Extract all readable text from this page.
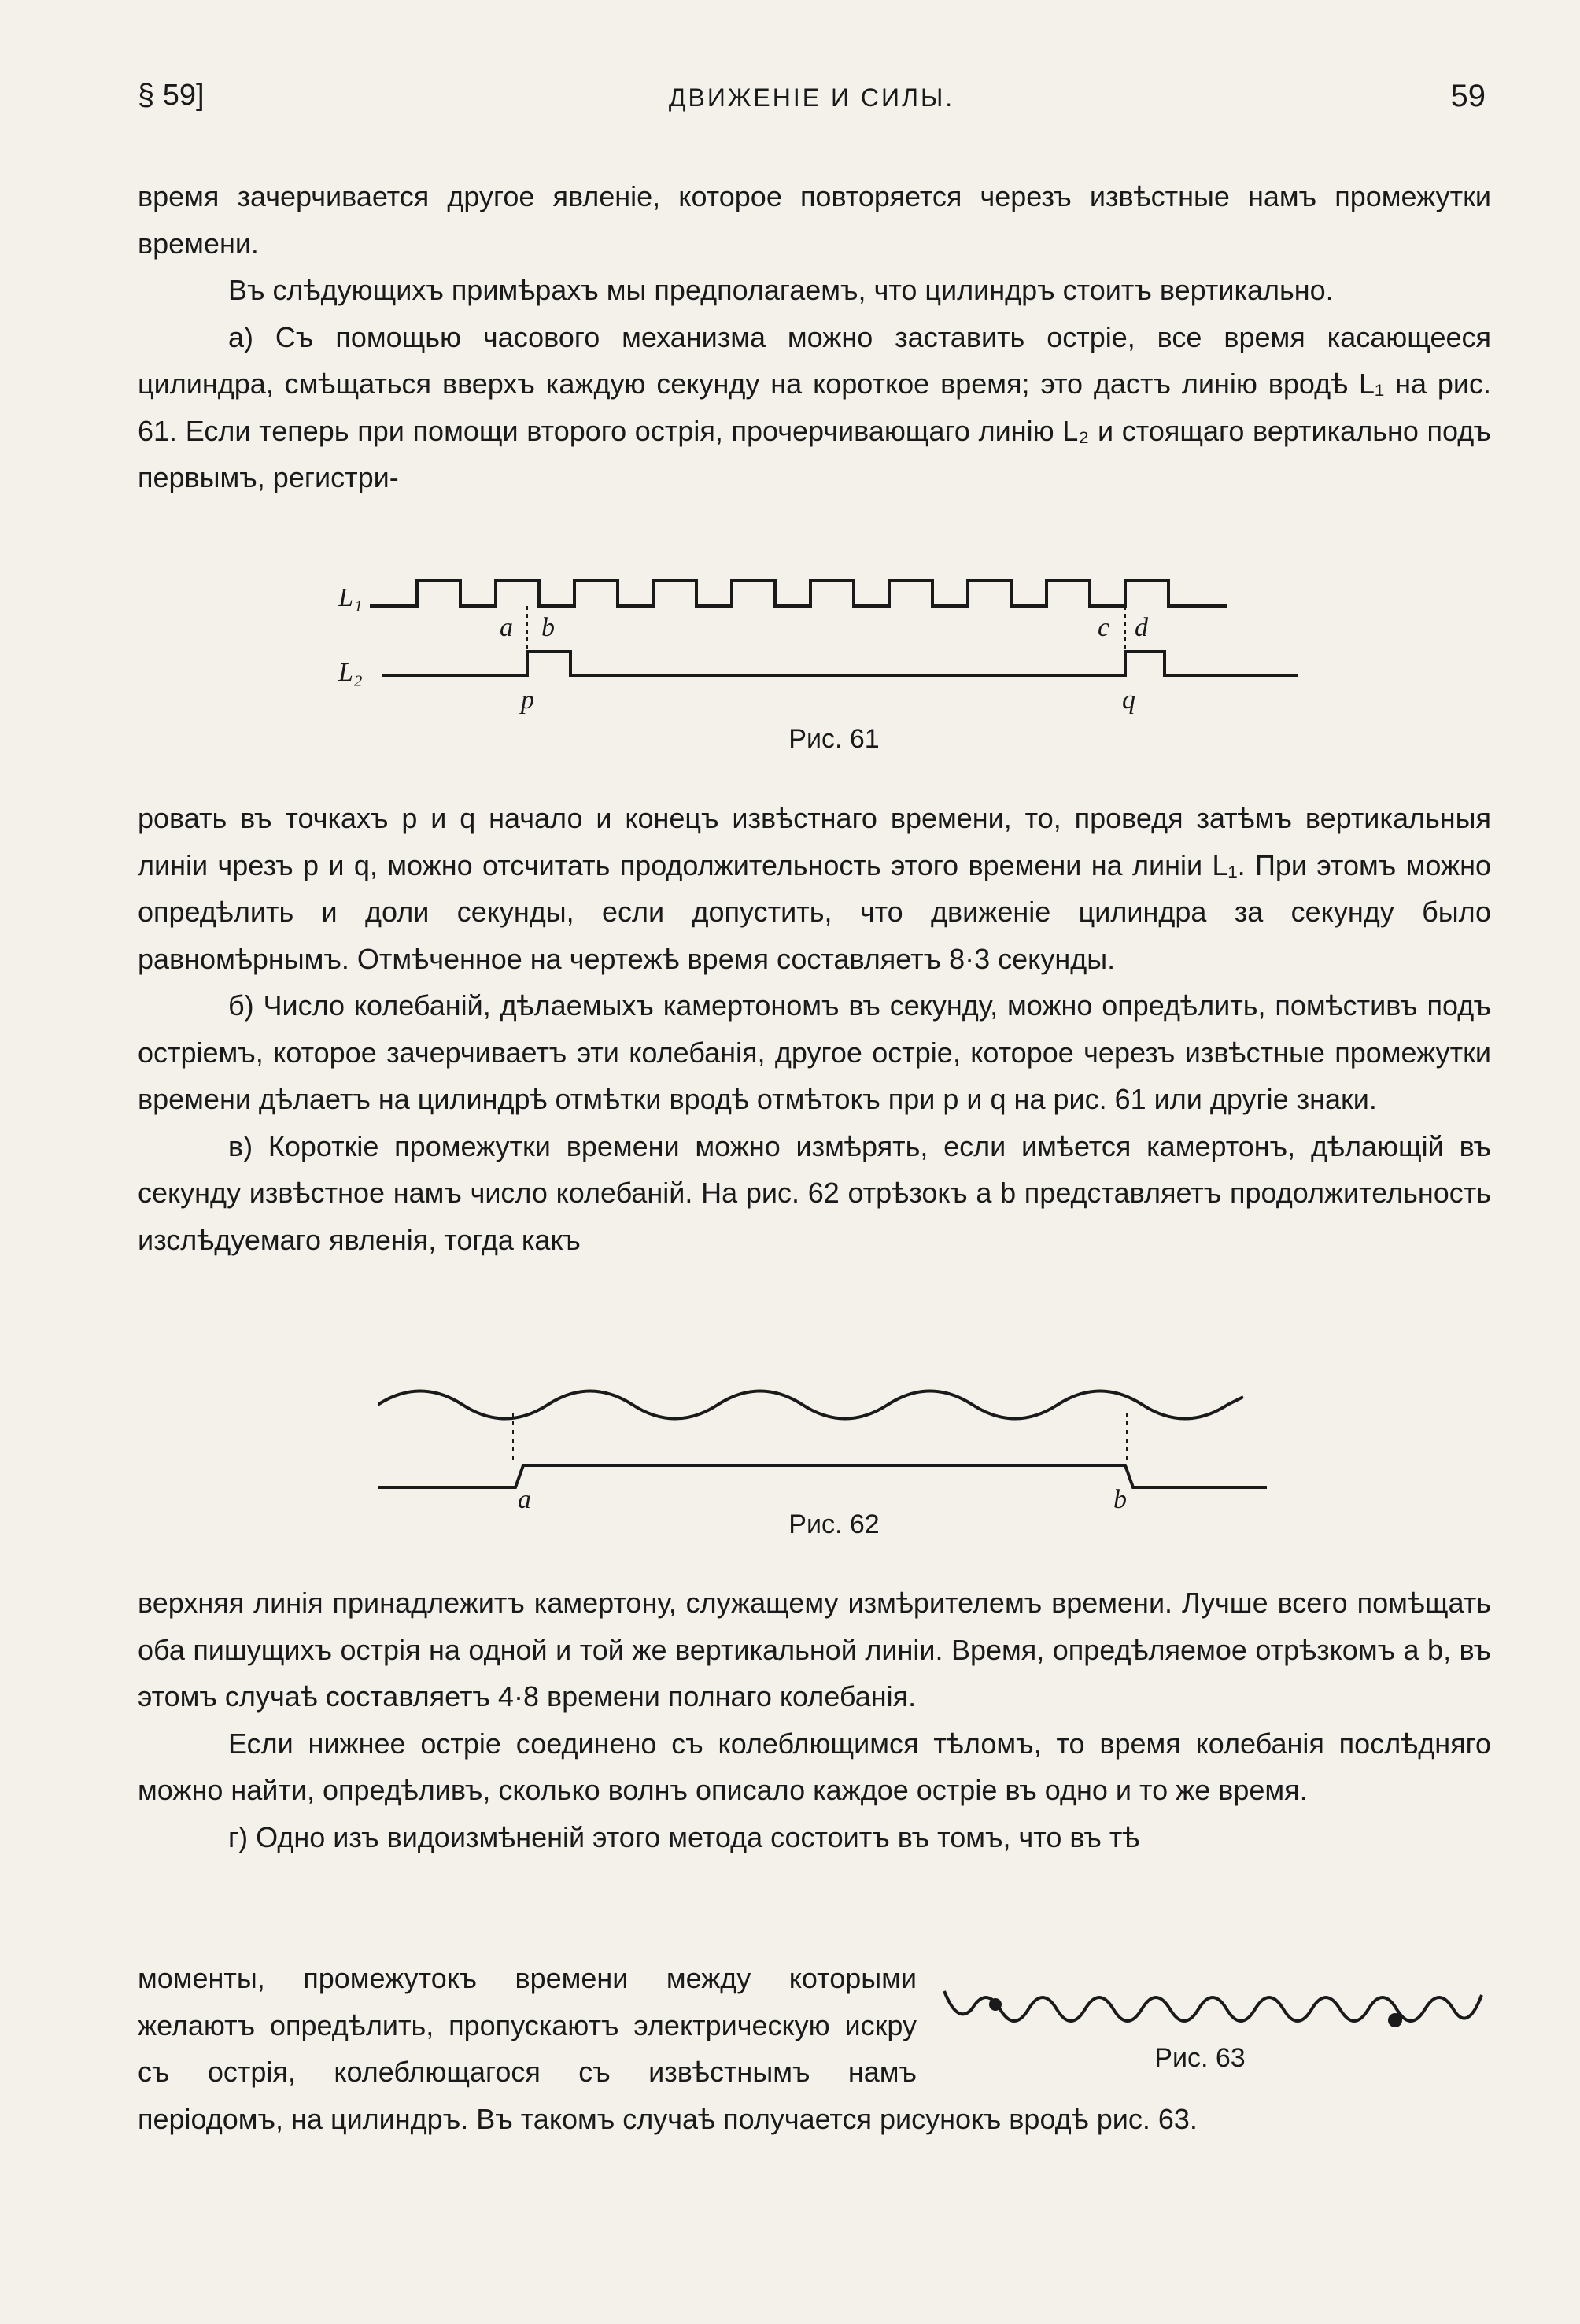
§ 59]	ДВИЖЕНІЕ И СИЛЫ.	59

время зачерчивается другое явленіе, которое повторяется черезъ извѣстные намъ промежутки времени.

Въ слѣдующихъ примѣрахъ мы предполагаемъ, что цилиндръ стоитъ вертикально.

а) Съ помощью часового механизма можно заставить остріе, все время касающееся цилиндра, смѣщаться вверхъ каждую секунду на короткое время; это дастъ линію вродѣ L₁ на рис. 61. Если теперь при помощи второго острія, прочерчивающаго линію L₂ и стоящаго вертикально подъ первымъ, регистри-

L₁
L₂
a b	c d
p	q
Рис. 61

ровать въ точкахъ p и q начало и конецъ извѣстнаго времени, то, проведя затѣмъ вертикальныя линіи чрезъ p и q, можно отсчитать продолжительность этого времени на линіи L₁. При этомъ можно опредѣлить и доли секунды, если допустить, что движеніе цилиндра за секунду было равномѣрнымъ. Отмѣченное на чертежѣ время составляетъ 8·3 секунды.

б) Число колебаній, дѣлаемыхъ камертономъ въ секунду, можно опредѣлить, помѣстивъ подъ остріемъ, которое зачерчиваетъ эти колебанія, другое остріе, которое черезъ извѣстные промежутки времени дѣлаетъ на цилиндрѣ отмѣтки вродѣ отмѣтокъ при p и q на рис. 61 или другіе знаки.

в) Короткіе промежутки времени можно измѣрять, если имѣется камертонъ, дѣлающій въ секунду извѣстное намъ число колебаній. На рис. 62 отрѣзокъ a b представляетъ продолжительность изслѣдуемаго явленія, тогда какъ

a	b
Рис. 62

верхняя линія принадлежитъ камертону, служащему измѣрителемъ времени. Лучше всего помѣщать оба пишущихъ острія на одной и той же вертикальной линіи. Время, опредѣляемое отрѣзкомъ a b, въ этомъ случаѣ составляетъ 4·8 времени полнаго колебанія.

Если нижнее остріе соединено съ колеблющимся тѣломъ, то время колебанія послѣдняго можно найти, опредѣливъ, сколько волнъ описало каждое остріе въ одно и то же время.

г) Одно изъ видоизмѣненій этого метода состоитъ въ томъ, что въ тѣ

моменты, промежутокъ времени между которыми желаютъ опредѣлить, пропускаютъ электрическую искру съ острія, колеблющагося съ извѣстнымъ намъ періодомъ, на цилиндръ. Въ такомъ случаѣ получается рисунокъ вродѣ рис. 63.

Рис. 63
